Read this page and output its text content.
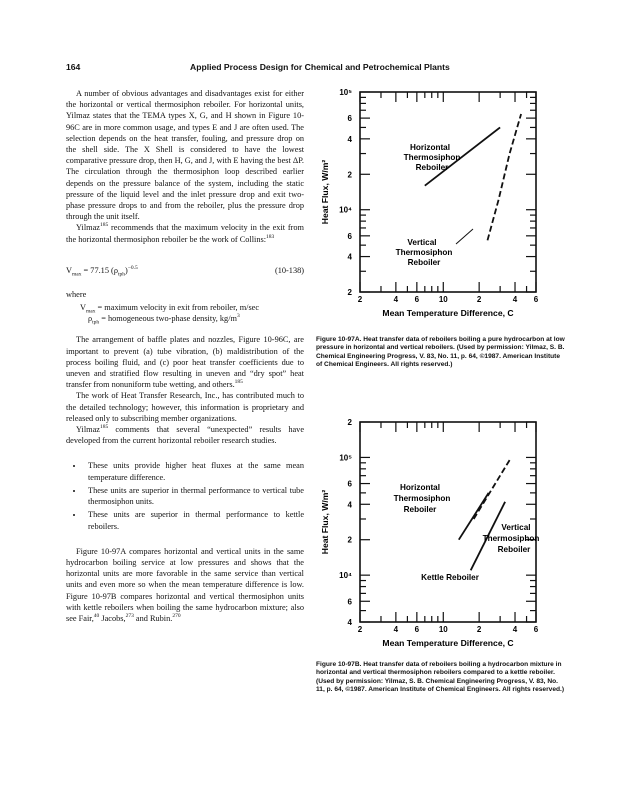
164	Applied Process Design for Chemical and Petrochemical Plants

A number of obvious advantages and disadvantages exist for either the horizontal or vertical thermosiphon reboiler. For horizontal units, Yilmaz states that the TEMA types X, G, and H shown in Figure 10-96C are in more common usage, and types E and J are often used. The selection depends on the heat transfer, fouling, and pressure drop on the shell side. The X Shell is considered to have the lowest comparative pressure drop, then H, G, and J, with E having the best ΔP. The circulation through the thermosiphon loop described earlier depends on the pressure balance of the system, including the static pressure of the liquid level and the inlet pressure drop and exit two-phase pressure drops to and from the reboiler, plus the pressure drop through the unit itself.

Yilmaz$^{185}$ recommends that the maximum velocity in the exit from the horizontal thermosiphon reboiler be the work of Collins:$^{183}$

$V_{max} = 77.15$ $(\rho_{tph})^{-0.5}$	(10-138)

where

$V_{max}$ = maximum velocity in exit from reboiler, m/sec
$\rho_{tph}$ = homogeneous two-phase density, $kg/m^3$

The arrangement of baffle plates and nozzles, Figure 10-96C, are important to prevent (a) tube vibration, (b) maldistribution of the process boiling fluid, and (c) poor heat transfer coefficients due to uneven and stratified flow resulting in uneven and “dry spot” heat transfer from nonuniform tube wetting, and others.$^{185}$

The work of Heat Transfer Research, Inc., has contributed much to the detailed technology; however, this information is proprietary and released only to subscribing member organizations.

Yilmaz$^{185}$ comments that several “unexpected” results have developed from the current horizontal reboiler research studies.

• These units provide higher heat fluxes at the same mean temperature difference.
• These units are superior in thermal performance to vertical tube thermosiphon units.
• These units are superior in thermal performance to kettle reboilers.

Figure 10-97A compares horizontal and vertical units in the same hydrocarbon boiling service at low pressures and shows that the horizontal units are more favorable in the same service than vertical units and even more so when the mean temperature difference is low. Figure 10-97B compares horizontal and vertical thermosiphon units with kettle reboilers when boiling the same hydrocarbon mixture; also see Fair,$^{40}$ Jacobs,$^{273}$ and Rubin.$^{270}$

2	4 6 10	2	4 6
10⁵
6
4
2
10⁴
6
4
2
Mean Temperature Difference, C
Heat Flux, W/m²
Horizontal
Thermosiphon
Reboiler
Vertical
Thermosiphon
Reboiler
Figure 10-97A. Heat transfer data of reboilers boiling a pure hydrocarbon at low pressure in horizontal and vertical reboilers. (Used by permission: Yilmaz, S. B. Chemical Engineering Progress, V. 83, No. 11, p. 64, ©1987. American Institute of Chemical Engineers. All rights reserved.)
2	4 6 10	2	4 6
2
10⁵
6
4
2
10⁴
6
4
Mean Temperature Difference, C
Heat Flux, W/m²
Horizontal
Thermosiphon
Reboiler
Vertical
Thermosiphon
Reboiler
Kettle Reboiler
Figure 10-97B. Heat transfer data of reboilers boiling a hydrocarbon mixture in horizontal and vertical thermosiphon reboilers compared to a kettle reboiler. (Used by permission: Yilmaz, S. B. Chemical Engineering Progress, V. 83, No. 11, p. 64, ©1987. American Institute of Chemical Engineers. All rights reserved.)
